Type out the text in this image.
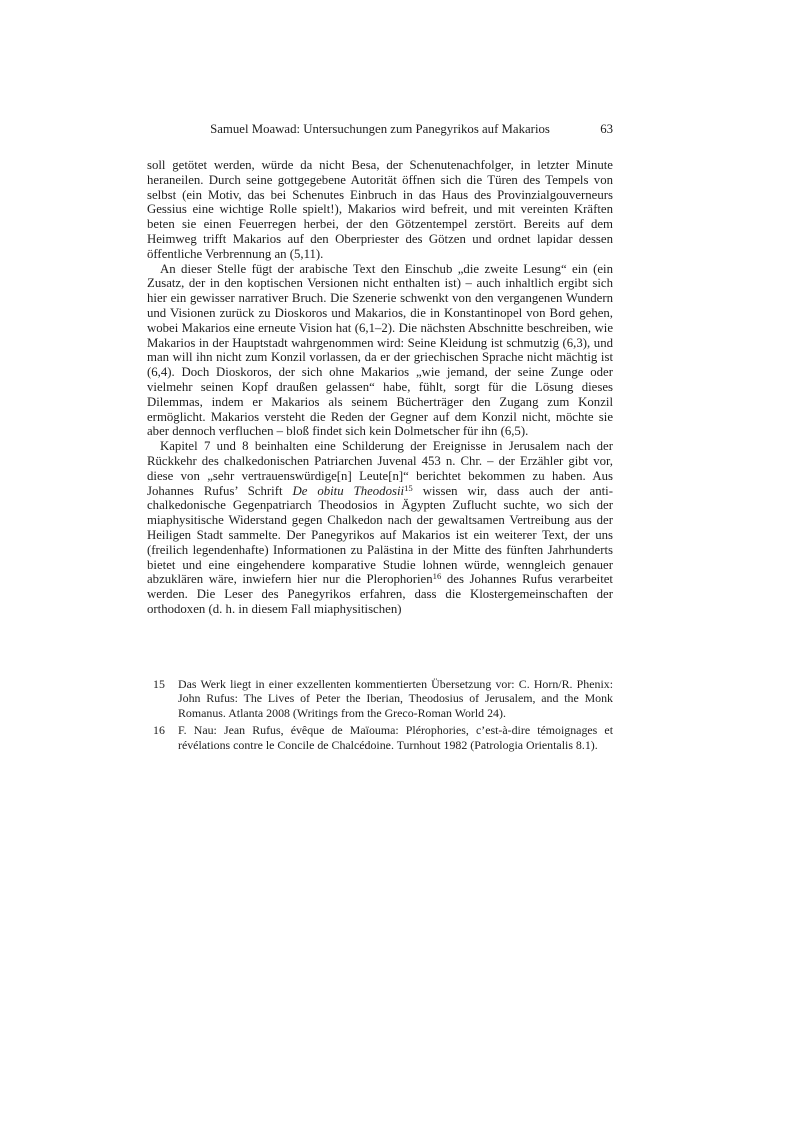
Samuel Moawad: Untersuchungen zum Panegyrikos auf Makarios	63

soll getötet werden, würde da nicht Besa, der Schenutenachfolger, in letzter Minute heraneilen. Durch seine gottgegebene Autorität öffnen sich die Türen des Tempels von selbst (ein Motiv, das bei Schenutes Einbruch in das Haus des Provinzialgouverneurs Gessius eine wichtige Rolle spielt!), Makarios wird befreit, und mit vereinten Kräften beten sie einen Feuerregen herbei, der den Götzentempel zerstört. Bereits auf dem Heimweg trifft Makarios auf den Oberpriester des Götzen und ordnet lapidar dessen öffentliche Verbrennung an (5,11).

An dieser Stelle fügt der arabische Text den Einschub „die zweite Lesung“ ein (ein Zusatz, der in den koptischen Versionen nicht enthalten ist) – auch inhaltlich ergibt sich hier ein gewisser narrativer Bruch. Die Szenerie schwenkt von den vergangenen Wundern und Visionen zurück zu Dioskoros und Makarios, die in Konstantinopel von Bord gehen, wobei Makarios eine erneute Vision hat (6,1–2). Die nächsten Abschnitte beschreiben, wie Makarios in der Hauptstadt wahrgenommen wird: Seine Kleidung ist schmutzig (6,3), und man will ihn nicht zum Konzil vorlassen, da er der griechischen Sprache nicht mächtig ist (6,4). Doch Dioskoros, der sich ohne Makarios „wie jemand, der seine Zunge oder vielmehr seinen Kopf draußen gelassen“ habe, fühlt, sorgt für die Lösung dieses Dilemmas, indem er Makarios als seinem Bücherträger den Zugang zum Konzil ermöglicht. Makarios versteht die Reden der Gegner auf dem Konzil nicht, möchte sie aber dennoch verfluchen – bloß findet sich kein Dolmetscher für ihn (6,5).

Kapitel 7 und 8 beinhalten eine Schilderung der Ereignisse in Jerusalem nach der Rückkehr des chalkedonischen Patriarchen Juvenal 453 n. Chr. – der Erzähler gibt vor, diese von „sehr vertrauenswürdige[n] Leute[n]“ berichtet bekommen zu haben. Aus Johannes Rufus’ Schrift De obitu Theodosii$^{15}$ wissen wir, dass auch der anti-chalkedonische Gegenpatriarch Theodosios in Ägypten Zuflucht suchte, wo sich der miaphysitische Widerstand gegen Chalkedon nach der gewaltsamen Vertreibung aus der Heiligen Stadt sammelte. Der Panegyrikos auf Makarios ist ein weiterer Text, der uns (freilich legendenhafte) Informationen zu Palästina in der Mitte des fünften Jahrhunderts bietet und eine eingehendere komparative Studie lohnen würde, wenngleich genauer abzuklären wäre, inwiefern hier nur die Plerophorien$^{16}$ des Johannes Rufus verarbeitet werden. Die Leser des Panegyrikos erfahren, dass die Klostergemeinschaften der orthodoxen (d. h. in diesem Fall miaphysitischen)

15	Das Werk liegt in einer exzellenten kommentierten Übersetzung vor: C. Horn/R. Phenix: John Rufus: The Lives of Peter the Iberian, Theodosius of Jerusalem, and the Monk Romanus. Atlanta 2008 (Writings from the Greco-Roman World 24).
16	F. Nau: Jean Rufus, évêque de Maïouma: Plérophories, c’est-à-dire témoignages et révélations contre le Concile de Chalcédoine. Turnhout 1982 (Patrologia Orientalis 8.1).
